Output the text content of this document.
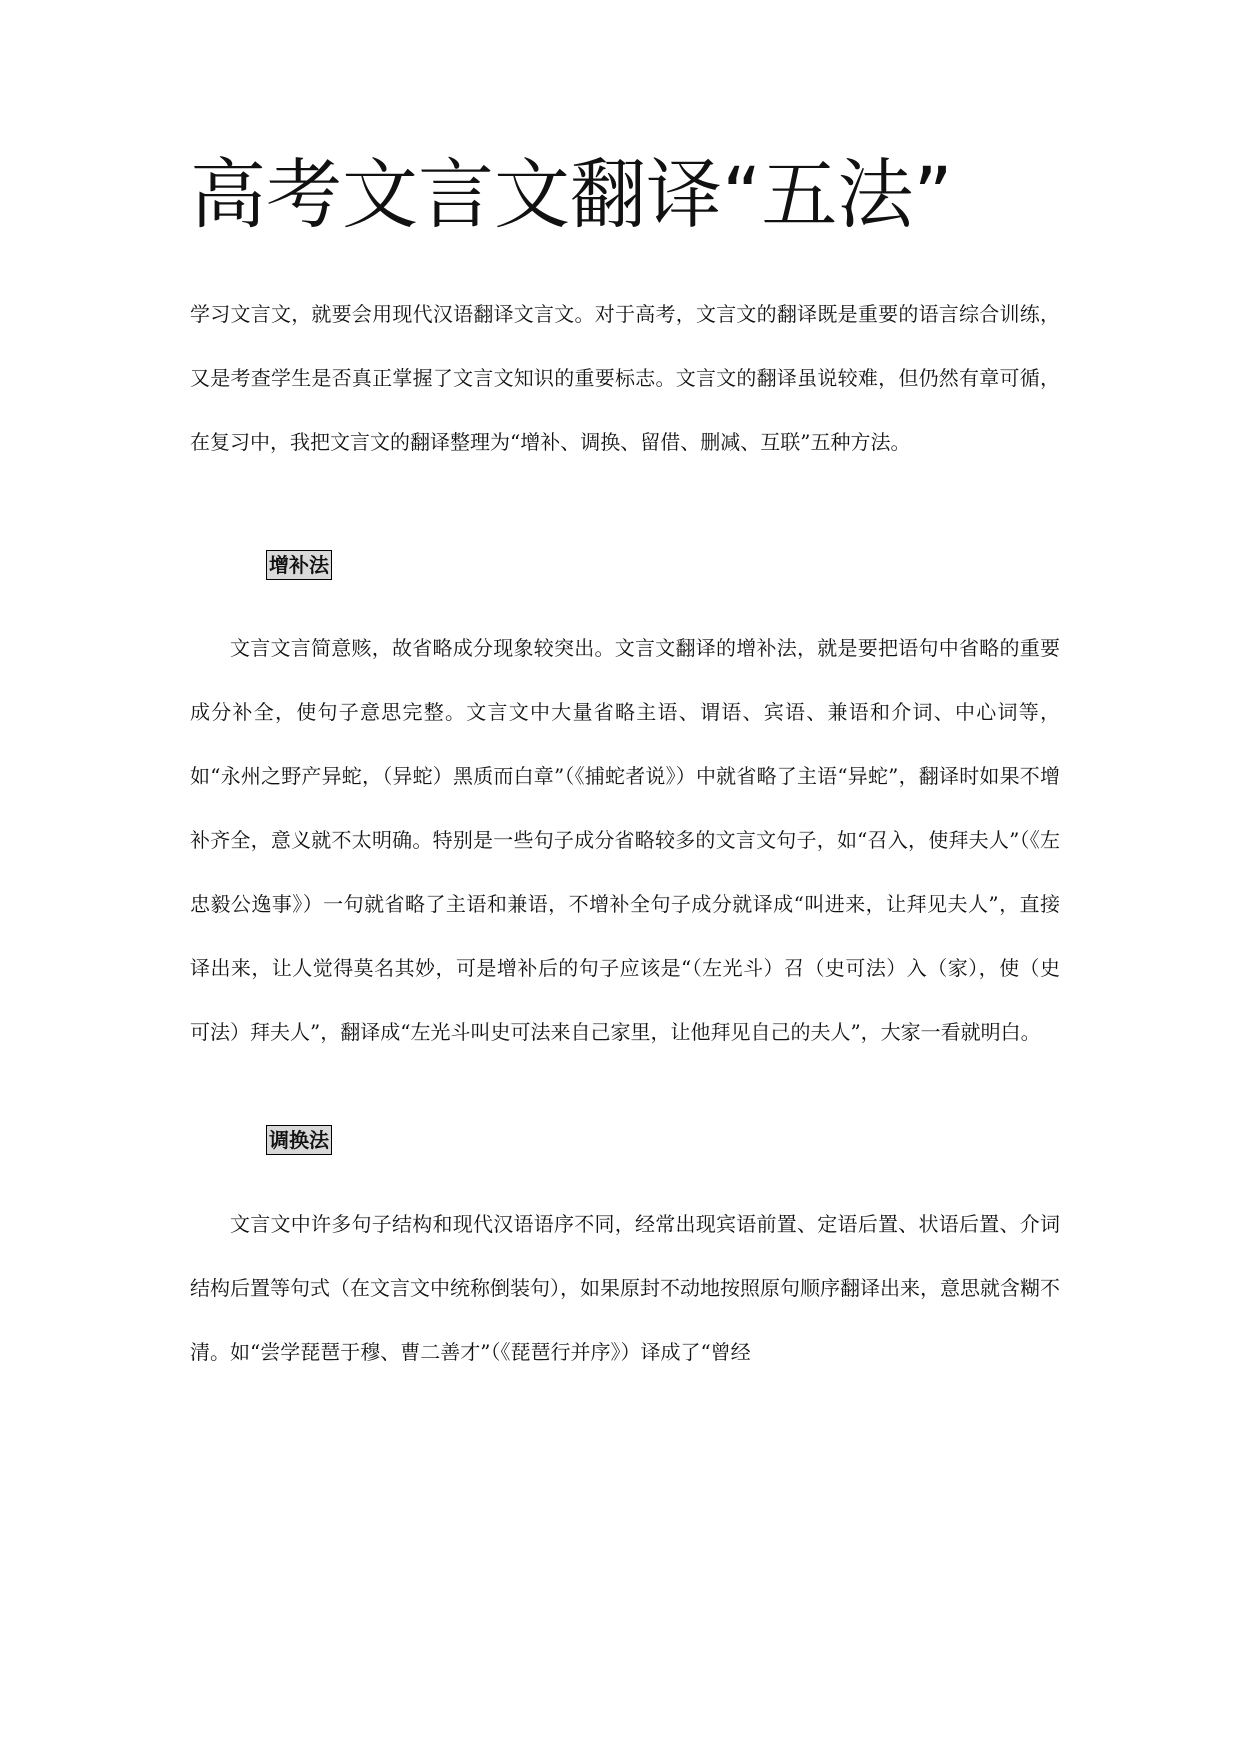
高考文言文翻译“五法”

学习文言文，就要会用现代汉语翻译文言文。对于高考，文言文的翻译既是重要的语言综合训练，又是考查学生是否真正掌握了文言文知识的重要标志。文言文的翻译虽说较难，但仍然有章可循，在复习中，我把文言文的翻译整理为“增补、调换、留借、删减、互联”五种方法。

增补法

文言文言简意赅，故省略成分现象较突出。文言文翻译的增补法，就是要把语句中省略的重要成分补全，使句子意思完整。文言文中大量省略主语、谓语、宾语、兼语和介词、中心词等，如“永州之野产异蛇，（异蛇）黑质而白章”（《捕蛇者说》）中就省略了主语“异蛇”，翻译时如果不增补齐全，意义就不太明确。特别是一些句子成分省略较多的文言文句子，如“召入，使拜夫人”（《左忠毅公逸事》）一句就省略了主语和兼语，不增补全句子成分就译成“叫进来，让拜见夫人”，直接译出来，让人觉得莫名其妙，可是增补后的句子应该是“（左光斗）召（史可法）入（家），使（史可法）拜夫人”，翻译成“左光斗叫史可法来自己家里，让他拜见自己的夫人”，大家一看就明白。

调换法

文言文中许多句子结构和现代汉语语序不同，经常出现宾语前置、定语后置、状语后置、介词结构后置等句式（在文言文中统称倒装句），如果原封不动地按照原句顺序翻译出来，意思就含糊不清。如“尝学琵琶于穆、曹二善才”（《琵琶行并序》）译成了“曾经
